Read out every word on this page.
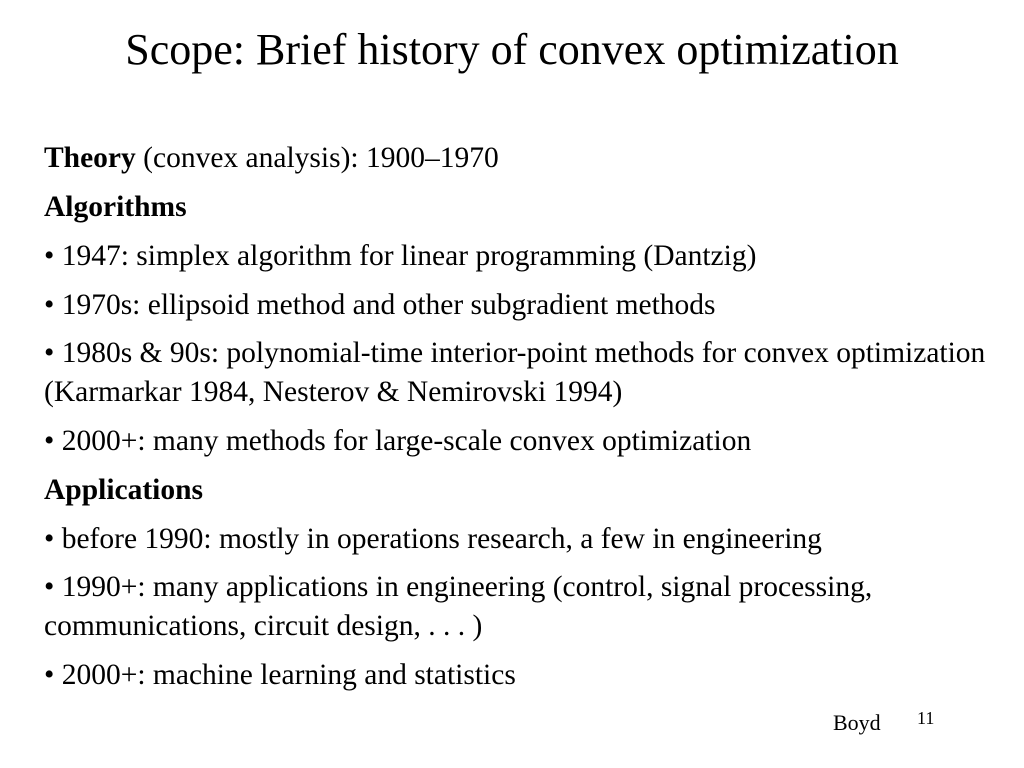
Scope: Brief history of convex optimization
Theory (convex analysis): 1900–1970
Algorithms
• 1947: simplex algorithm for linear programming (Dantzig)
• 1970s: ellipsoid method and other subgradient methods
• 1980s & 90s: polynomial-time interior-point methods for convex optimization (Karmarkar 1984, Nesterov & Nemirovski 1994)
• 2000+: many methods for large-scale convex optimization
Applications
• before 1990: mostly in operations research, a few in engineering
• 1990+: many applications in engineering (control, signal processing, communications, circuit design, . . . )
• 2000+: machine learning and statistics
Boyd 11
